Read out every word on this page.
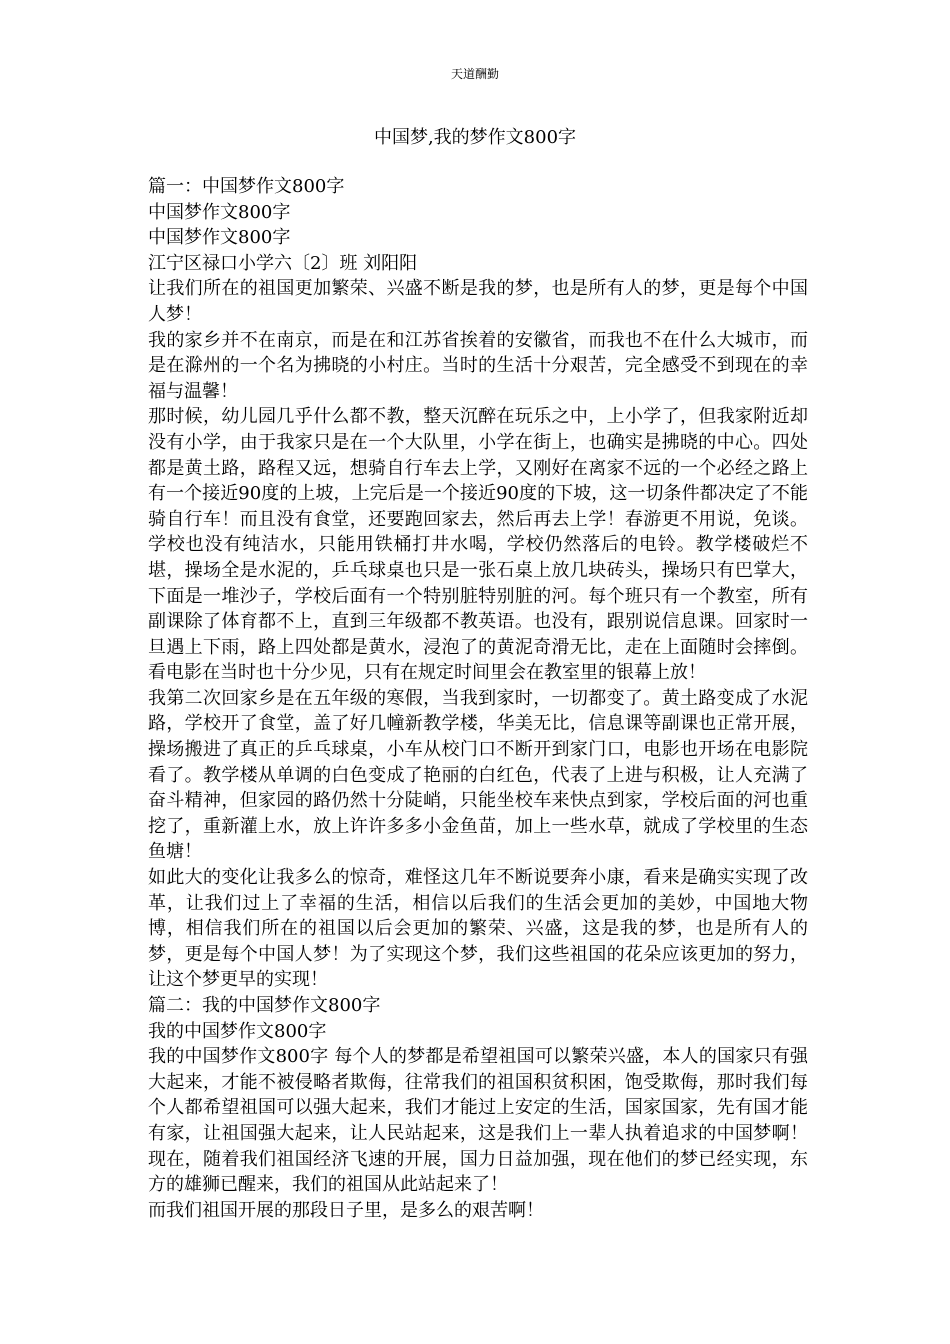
天道酬勤
中国梦,我的梦作文800字

篇一：中国梦作文800字

中国梦作文800字

中国梦作文800字

江宁区禄口小学六〔2〕班 刘阳阳

让我们所在的祖国更加繁荣、兴盛不断是我的梦，也是所有人的梦，更是每个中国人梦！

我的家乡并不在南京，而是在和江苏省挨着的安徽省，而我也不在什么大城市，而是在滁州的一个名为拂晓的小村庄。当时的生活十分艰苦，完全感受不到现在的幸福与温馨！

那时候，幼儿园几乎什么都不教，整天沉醉在玩乐之中，上小学了，但我家附近却没有小学，由于我家只是在一个大队里，小学在街上，也确实是拂晓的中心。四处都是黄土路，路程又远，想骑自行车去上学，又刚好在离家不远的一个必经之路上有一个接近90度的上坡，上完后是一个接近90度的下坡，这一切条件都决定了不能骑自行车！而且没有食堂，还要跑回家去，然后再去上学！春游更不用说，免谈。学校也没有纯洁水，只能用铁桶打井水喝，学校仍然落后的电铃。教学楼破烂不堪，操场全是水泥的，乒乓球桌也只是一张石桌上放几块砖头，操场只有巴掌大，下面是一堆沙子，学校后面有一个特别脏特别脏的河。每个班只有一个教室，所有副课除了体育都不上，直到三年级都不教英语。也没有，跟别说信息课。回家时一旦遇上下雨，路上四处都是黄水，浸泡了的黄泥奇滑无比，走在上面随时会摔倒。看电影在当时也十分少见，只有在规定时间里会在教室里的银幕上放！

我第二次回家乡是在五年级的寒假，当我到家时，一切都变了。黄土路变成了水泥路，学校开了食堂，盖了好几幢新教学楼，华美无比，信息课等副课也正常开展，操场搬进了真正的乒乓球桌，小车从校门口不断开到家门口，电影也开场在电影院看了。教学楼从单调的白色变成了艳丽的白红色，代表了上进与积极，让人充满了奋斗精神，但家园的路仍然十分陡峭，只能坐校车来快点到家，学校后面的河也重挖了，重新灌上水，放上许许多多小金鱼苗，加上一些水草，就成了学校里的生态鱼塘！

如此大的变化让我多么的惊奇，难怪这几年不断说要奔小康，看来是确实实现了改革，让我们过上了幸福的生活，相信以后我们的生活会更加的美妙，中国地大物博，相信我们所在的祖国以后会更加的繁荣、兴盛，这是我的梦，也是所有人的梦，更是每个中国人梦！为了实现这个梦，我们这些祖国的花朵应该更加的努力，让这个梦更早的实现！

篇二：我的中国梦作文800字

我的中国梦作文800字

我的中国梦作文800字 每个人的梦都是希望祖国可以繁荣兴盛，本人的国家只有强大起来，才能不被侵略者欺侮，往常我们的祖国积贫积困，饱受欺侮，那时我们每个人都希望祖国可以强大起来，我们才能过上安定的生活，国家国家，先有国才能有家，让祖国强大起来，让人民站起来，这是我们上一辈人执着追求的中国梦啊！现在，随着我们祖国经济飞速的开展，国力日益加强，现在他们的梦已经实现，东方的雄狮已醒来，我们的祖国从此站起来了！

而我们祖国开展的那段日子里，是多么的艰苦啊！
